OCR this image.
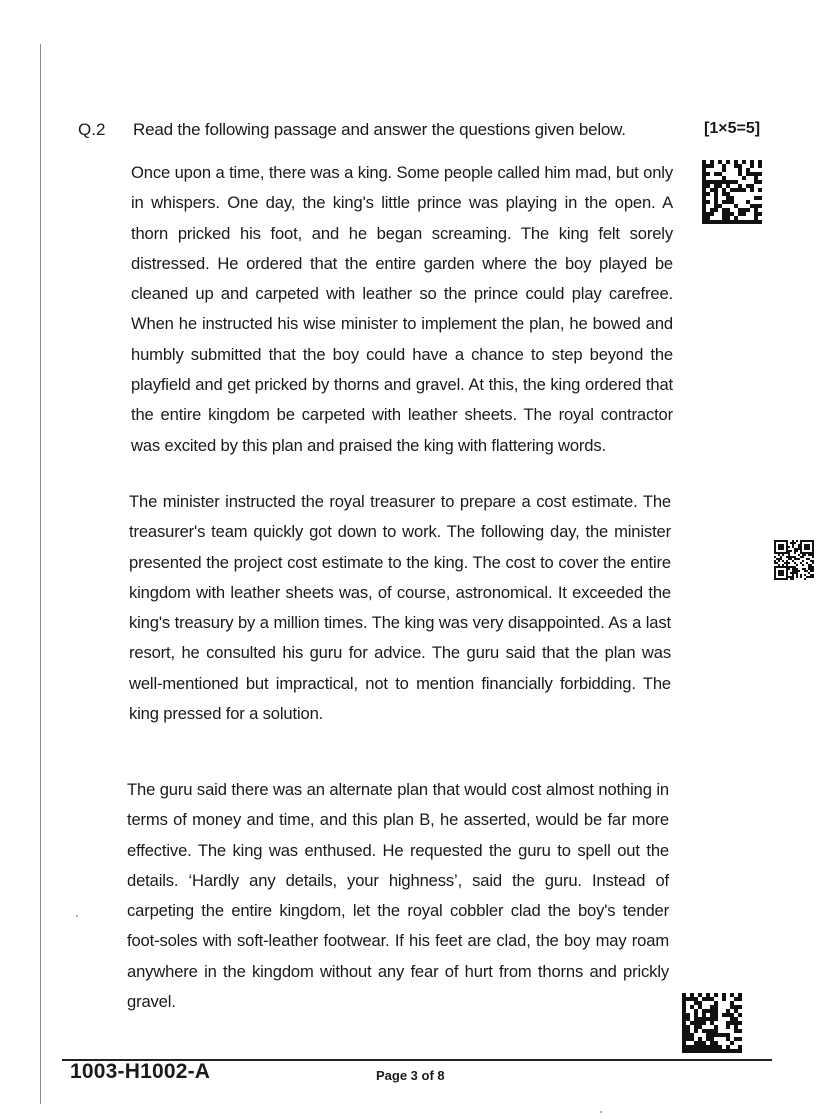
Q.2 Read the following passage and answer the questions given below.	[1×5=5]
Once upon a time, there was a king. Some people called him mad, but only in whispers. One day, the king's little prince was playing in the open. A thorn pricked his foot, and he began screaming. The king felt sorely distressed. He ordered that the entire garden where the boy played be cleaned up and carpeted with leather so the prince could play carefree. When he instructed his wise minister to implement the plan, he bowed and humbly submitted that the boy could have a chance to step beyond the playfield and get pricked by thorns and gravel. At this, the king ordered that the entire kingdom be carpeted with leather sheets. The royal contractor was excited by this plan and praised the king with flattering words.
The minister instructed the royal treasurer to prepare a cost estimate. The treasurer's team quickly got down to work. The following day, the minister presented the project cost estimate to the king. The cost to cover the entire kingdom with leather sheets was, of course, astronomical. It exceeded the king's treasury by a million times. The king was very disappointed. As a last resort, he consulted his guru for advice. The guru said that the plan was well-mentioned but impractical, not to mention financially forbidding. The king pressed for a solution.
The guru said there was an alternate plan that would cost almost nothing in terms of money and time, and this plan B, he asserted, would be far more effective. The king was enthused. He requested the guru to spell out the details. ‘Hardly any details, your highness’, said the guru. Instead of carpeting the entire kingdom, let the royal cobbler clad the boy's tender foot-soles with soft-leather footwear. If his feet are clad, the boy may roam anywhere in the kingdom without any fear of hurt from thorns and prickly gravel.
1003-H1002-A	Page 3 of 8
